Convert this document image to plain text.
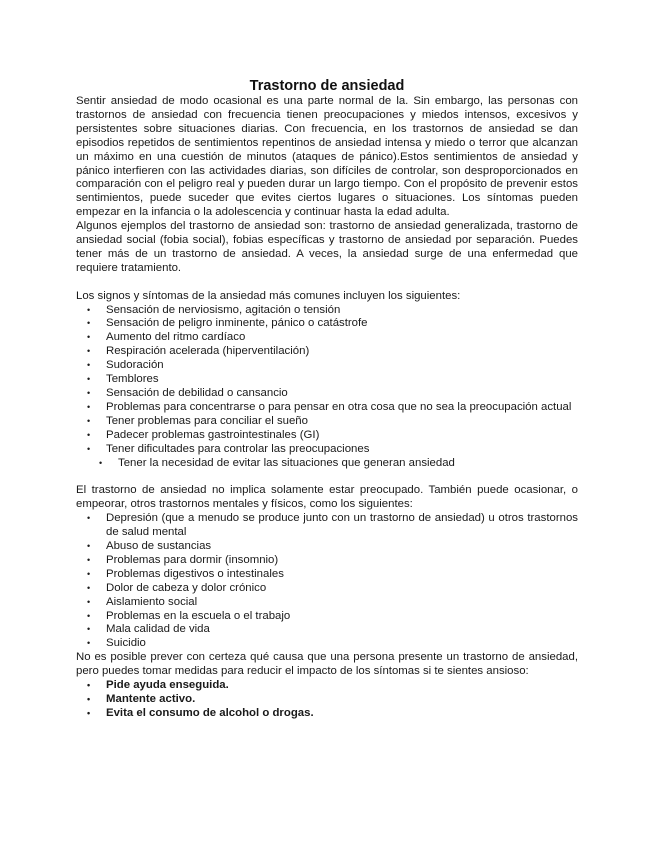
Trastorno de ansiedad

Sentir ansiedad de modo ocasional es una parte normal de la. Sin embargo, las personas con trastornos de ansiedad con frecuencia tienen preocupaciones y miedos intensos, excesivos y persistentes sobre situaciones diarias. Con frecuencia, en los trastornos de ansiedad se dan episodios repetidos de sentimientos repentinos de ansiedad intensa y miedo o terror que alcanzan un máximo en una cuestión de minutos (ataques de pánico).Estos sentimientos de ansiedad y pánico interfieren con las actividades diarias, son difíciles de controlar, son desproporcionados en comparación con el peligro real y pueden durar un largo tiempo. Con el propósito de prevenir estos sentimientos, puede suceder que evites ciertos lugares o situaciones. Los síntomas pueden empezar en la infancia o la adolescencia y continuar hasta la edad adulta.

Algunos ejemplos del trastorno de ansiedad son: trastorno de ansiedad generalizada, trastorno de ansiedad social (fobia social), fobias específicas y trastorno de ansiedad por separación. Puedes tener más de un trastorno de ansiedad. A veces, la ansiedad surge de una enfermedad que requiere tratamiento.

Los signos y síntomas de la ansiedad más comunes incluyen los siguientes:

• Sensación de nerviosismo, agitación o tensión
• Sensación de peligro inminente, pánico o catástrofe
• Aumento del ritmo cardíaco
• Respiración acelerada (hiperventilación)
• Sudoración
• Temblores
• Sensación de debilidad o cansancio
• Problemas para concentrarse o para pensar en otra cosa que no sea la preocupación actual
• Tener problemas para conciliar el sueño
• Padecer problemas gastrointestinales (GI)
• Tener dificultades para controlar las preocupaciones
• Tener la necesidad de evitar las situaciones que generan ansiedad

El trastorno de ansiedad no implica solamente estar preocupado. También puede ocasionar, o empeorar, otros trastornos mentales y físicos, como los siguientes:

• Depresión (que a menudo se produce junto con un trastorno de ansiedad) u otros trastornos de salud mental
• Abuso de sustancias
• Problemas para dormir (insomnio)
• Problemas digestivos o intestinales
• Dolor de cabeza y dolor crónico
• Aislamiento social
• Problemas en la escuela o el trabajo
• Mala calidad de vida
• Suicidio

No es posible prever con certeza qué causa que una persona presente un trastorno de ansiedad, pero puedes tomar medidas para reducir el impacto de los síntomas si te sientes ansioso:

• Pide ayuda enseguida.
• Mantente activo.
• Evita el consumo de alcohol o drogas.
